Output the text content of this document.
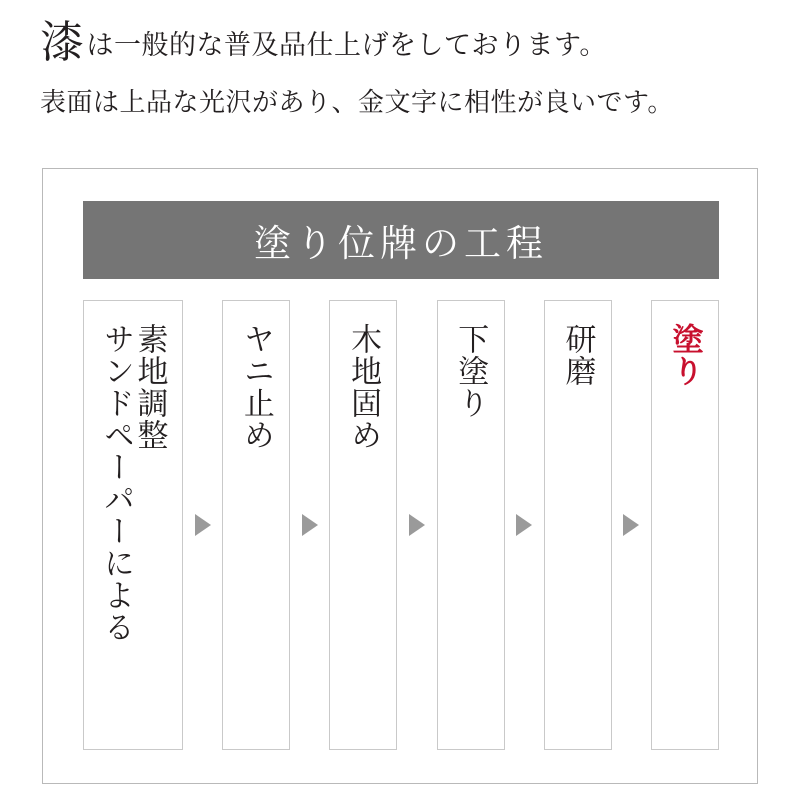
漆 は一般的な普及品仕上げをしております。
表面は上品な光沢があり、金文字に相性が良いです。
塗り位牌の工程
素地調整
サンドペーパーによる	ヤニ止め 木地固め 下塗り 研磨 塗り
